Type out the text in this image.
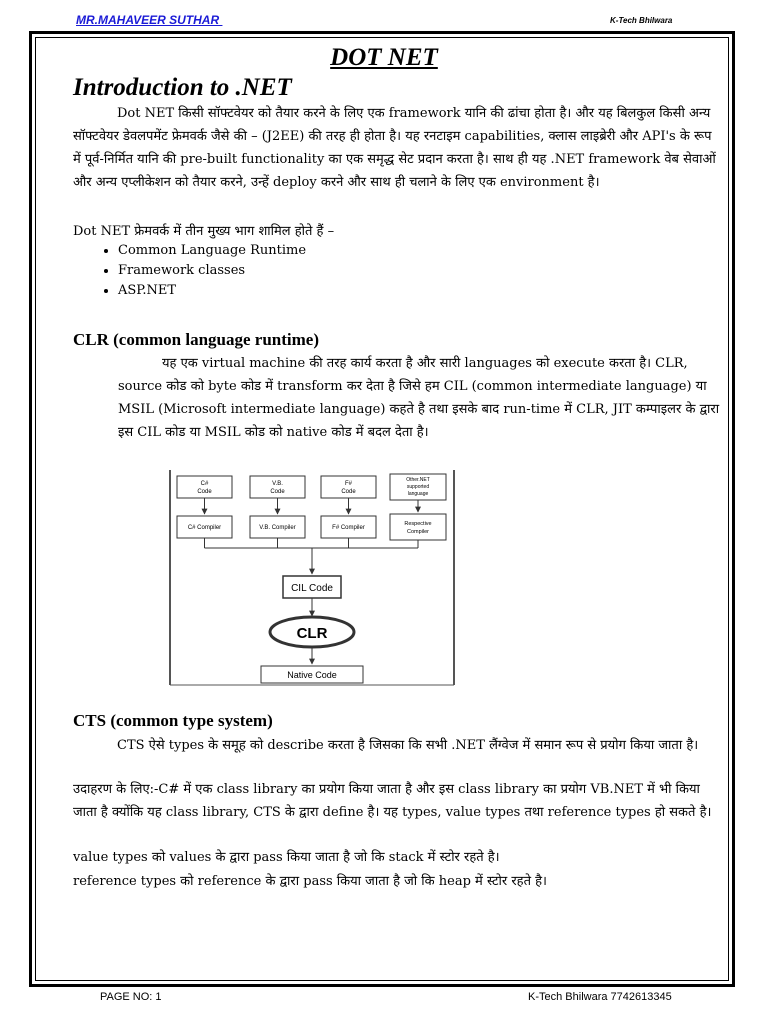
MR.MAHAVEER SUTHAR	K-Tech Bhilwara
DOT NET
Introduction to .NET

Dot NET किसी सॉफ्टवेयर को तैयार करने के लिए एक framework यानि की ढांचा होता है। और यह बिलकुल किसी अन्य सॉफ्टवेयर डेवलपमेंट फ्रेमवर्क जैसे की – (J2EE) की तरह ही होता है। यह रनटाइम capabilities, क्लास लाइब्रेरी और API's के रूप में पूर्व-निर्मित यानि की pre-built functionality का एक समृद्ध सेट प्रदान करता है। साथ ही यह .NET framework वेब सेवाओं और अन्य एप्लीकेशन को तैयार करने, उन्हें deploy करने और साथ ही चलाने के लिए एक environment है।

Dot NET फ्रेमवर्क में तीन मुख्य भाग शामिल होते हैं –

• Common Language Runtime
• Framework classes
• ASP.NET
CLR (common language runtime)

यह एक virtual machine की तरह कार्य करता है और सारी languages को execute करता है। CLR, source कोड को byte कोड में transform कर देता है जिसे हम CIL (common intermediate language) या MSIL (Microsoft intermediate language) कहते है तथा इसके बाद run-time में CLR, JIT कम्पाइलर के द्वारा इस CIL कोड या MSIL कोड को native कोड में बदल देता है।

C#
Code
V.B.
Code
F#
Code
Other.NET
supported
language
C# Compiler	V.B. Compiler	F# Compiler
Respective
Compiler
CIL Code
CLR
Native Code
CTS (common type system)

CTS ऐसे types के समूह को describe करता है जिसका कि सभी .NET लैंग्वेज में समान रूप से प्रयोग किया जाता है।

उदाहरण के लिए:-C# में एक class library का प्रयोग किया जाता है और इस class library का प्रयोग VB.NET में भी किया जाता है क्योंकि यह class library, CTS के द्वारा define है। यह types, value types तथा reference types हो सकते है।

value types को values के द्वारा pass किया जाता है जो कि stack में स्टोर रहते है।

reference types को reference के द्वारा pass किया जाता है जो कि heap में स्टोर रहते है।

PAGE NO: 1	K-Tech Bhilwara 7742613345
